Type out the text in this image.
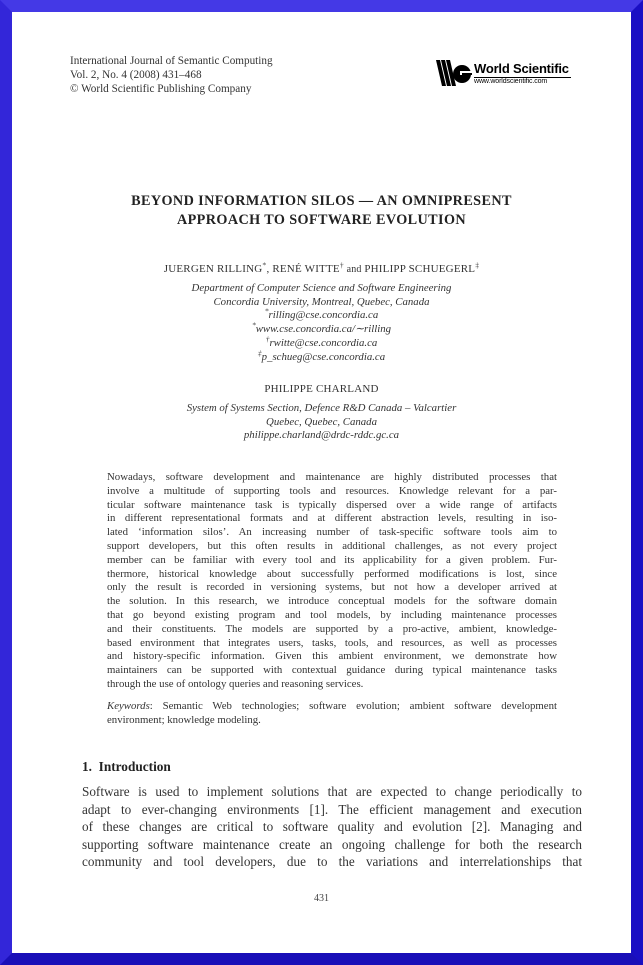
International Journal of Semantic Computing
Vol. 2, No. 4 (2008) 431–468
© World Scientific Publishing Company
World Scientific
www.worldscientific.com
BEYOND INFORMATION SILOS — AN OMNIPRESENT
APPROACH TO SOFTWARE EVOLUTION
JUERGEN RILLING*, RENÉ WITTE† and PHILIPP SCHUEGERL‡
Department of Computer Science and Software Engineering
Concordia University, Montreal, Quebec, Canada
*rilling@cse.concordia.ca
*www.cse.concordia.ca/∼rilling
†rwitte@cse.concordia.ca
‡p_schueg@cse.concordia.ca
PHILIPPE CHARLAND
System of Systems Section, Defence R&D Canada – Valcartier
Quebec, Quebec, Canada
philippe.charland@drdc-rddc.gc.ca
Nowadays, software development and maintenance are highly distributed processes that
involve a multitude of supporting tools and resources. Knowledge relevant for a par-
ticular software maintenance task is typically dispersed over a wide range of artifacts
in different representational formats and at different abstraction levels, resulting in iso-
lated ‘information silos’. An increasing number of task-specific software tools aim to
support developers, but this often results in additional challenges, as not every project
member can be familiar with every tool and its applicability for a given problem. Fur-
thermore, historical knowledge about successfully performed modifications is lost, since
only the result is recorded in versioning systems, but not how a developer arrived at
the solution. In this research, we introduce conceptual models for the software domain
that go beyond existing program and tool models, by including maintenance processes
and their constituents. The models are supported by a pro-active, ambient, knowledge-
based environment that integrates users, tasks, tools, and resources, as well as processes
and history-specific information. Given this ambient environment, we demonstrate how
maintainers can be supported with contextual guidance during typical maintenance tasks
through the use of ontology queries and reasoning services.
Keywords: Semantic Web technologies; software evolution; ambient software development
environment; knowledge modeling.
1. Introduction
Software is used to implement solutions that are expected to change periodically to
adapt to ever-changing environments [1]. The efficient management and execution
of these changes are critical to software quality and evolution [2]. Managing and
supporting software maintenance create an ongoing challenge for both the research
community and tool developers, due to the variations and interrelationships that
431
